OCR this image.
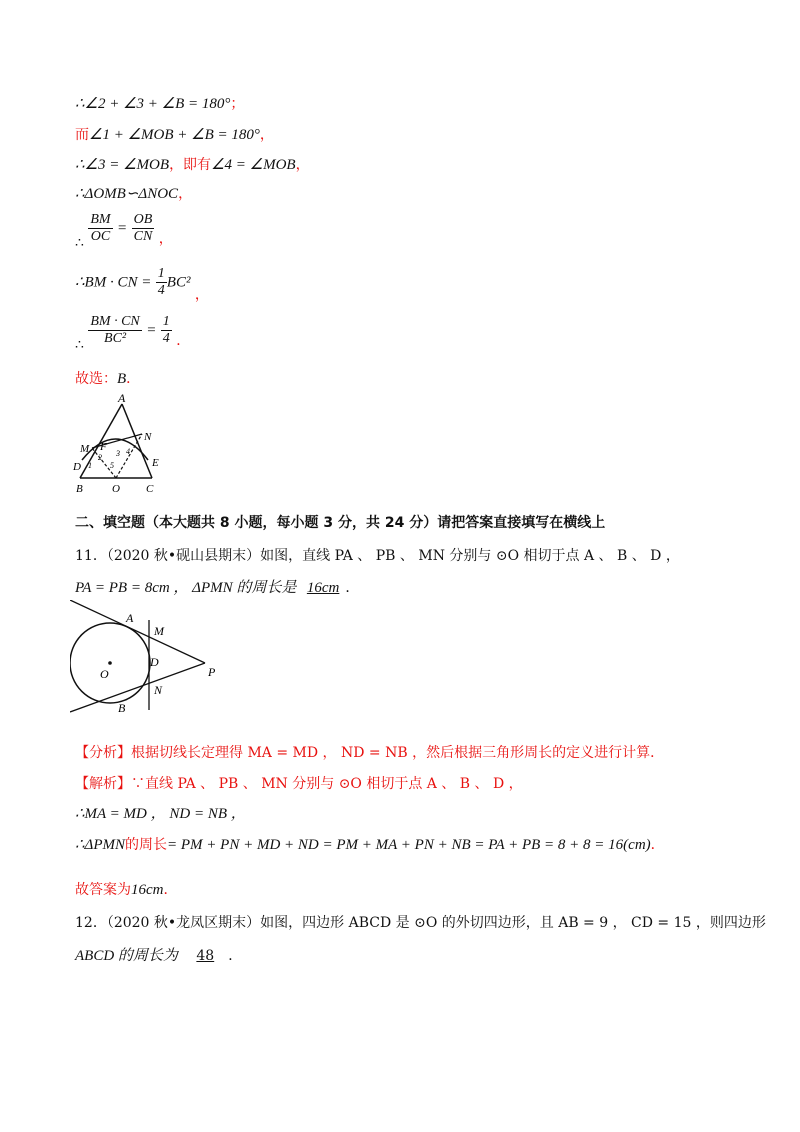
∴∠2 + ∠3 + ∠B = 180°；
而∠1 + ∠MOB + ∠B = 180°，
∴∠3 = ∠MOB，即有∠4 = ∠MOB，
∴ΔOMB∽ΔNOC，
∴ $\frac{BM}{OC} = \frac{OB}{CN}$ ，
∴BM · CN = $\frac{1}{4} BC^2$ ，
∴ $\frac{BM \cdot CN}{\text{BC²}} = \frac{1}{4}$ ．
故选：B．
A
N
M F
D	E
B	O C
1
2 3 4
5
二、填空题（本大题共 8 小题，每小题 3 分，共 24 分）请把答案直接填写在横线上
11．（2020 秋•砚山县期末）如图，直线 PA 、 PB 、 MN 分别与 ⊙O 相切于点 A 、 B 、 D ，
PA = PB = 8cm ， ΔPMN 的周长是 16cm ．
A
M
D
O	P
N
B
【分析】根据切线长定理得 MA = MD ， ND = NB ，然后根据三角形周长的定义进行计算．
【解析】∵直线 PA 、 PB 、 MN 分别与 ⊙O 相切于点 A 、 B 、 D ，
∴MA = MD ， ND = NB ，
∴ΔPMN的周长= PM + PN + MD + ND = PM + MA + PN + NB = PA + PB = 8 + 8 = 16(cm)．
故答案为16cm．
12．（2020 秋•龙凤区期末）如图，四边形 ABCD 是 ⊙O 的外切四边形，且 AB = 9 ， CD = 15 ，则四边形
ABCD 的周长为 48 ．
